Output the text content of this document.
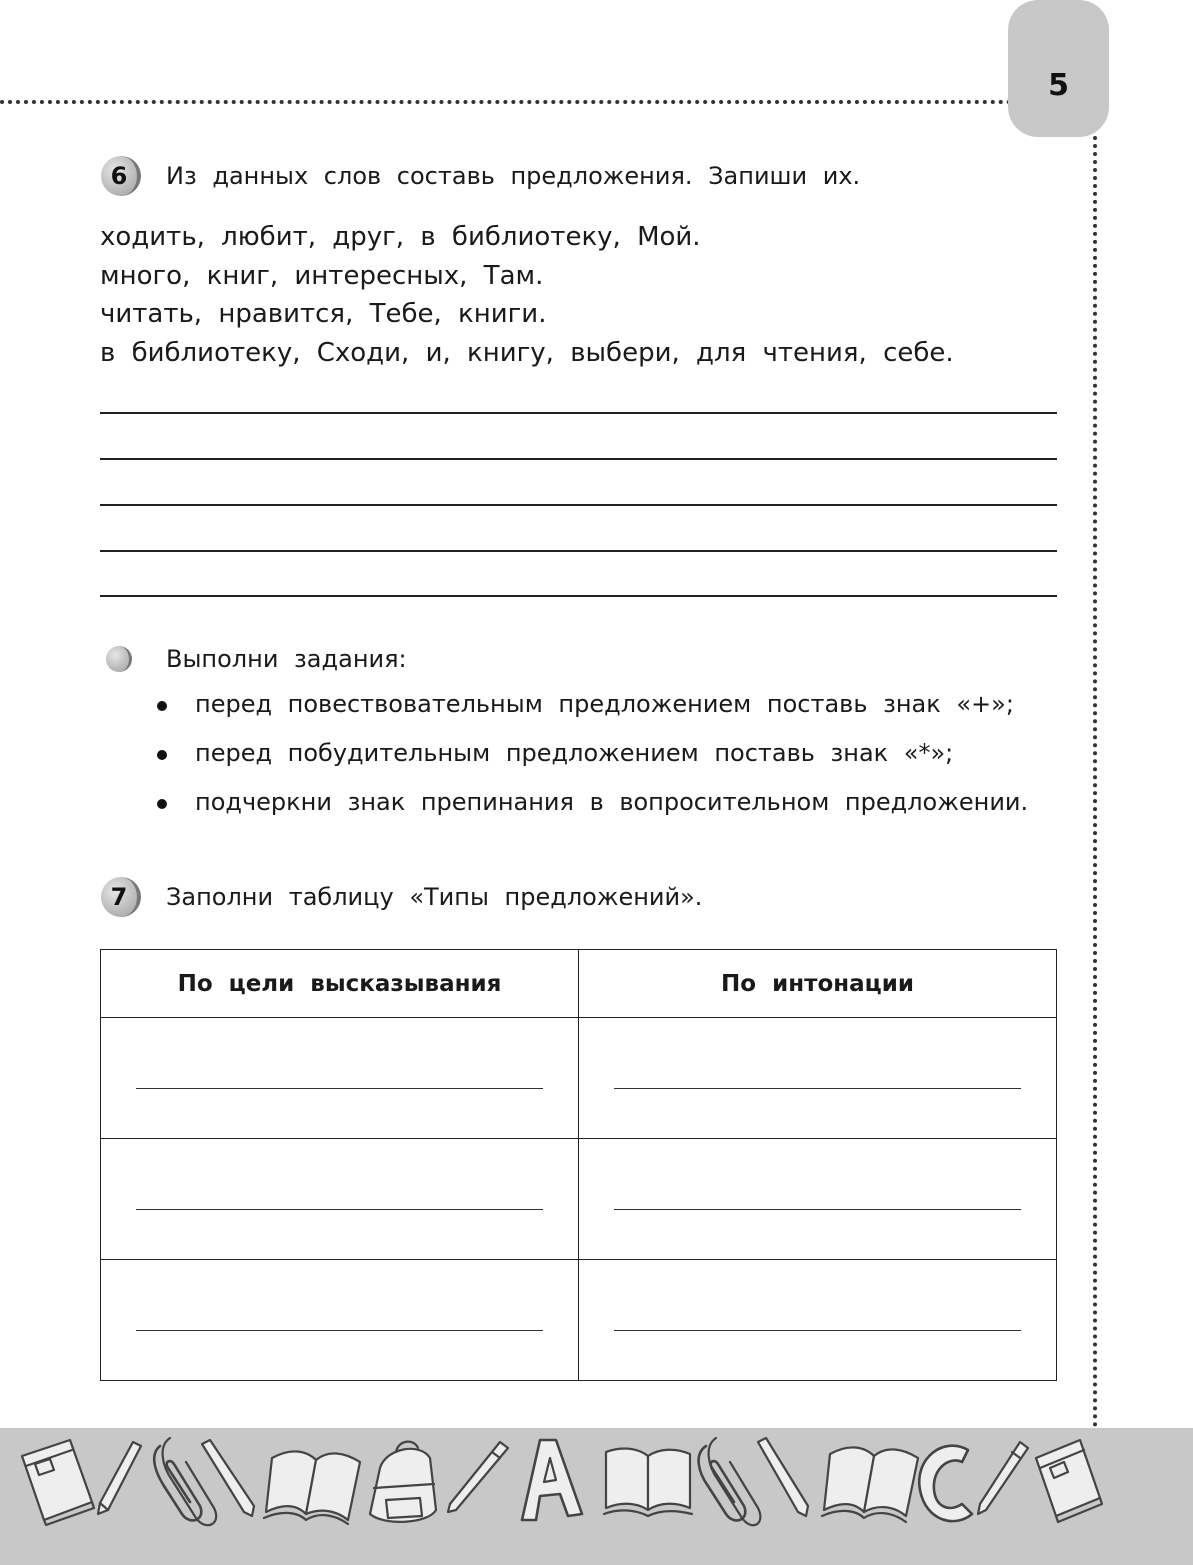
5
6	Из данных слов составь предложения. Запиши их.
ходить, любит, друг, в библиотеку, Мой.
много, книг, интересных, Там.
читать, нравится, Тебе, книги.
в библиотеку, Сходи, и, книгу, выбери, для чтения, себе.
Выполни задания:
перед повествовательным предложением поставь знак «+»;
перед побудительным предложением поставь знак «*»;
подчеркни знак препинания в вопросительном предложении.
7	Заполни таблицу «Типы предложений».
По цели высказывания	По интонации
